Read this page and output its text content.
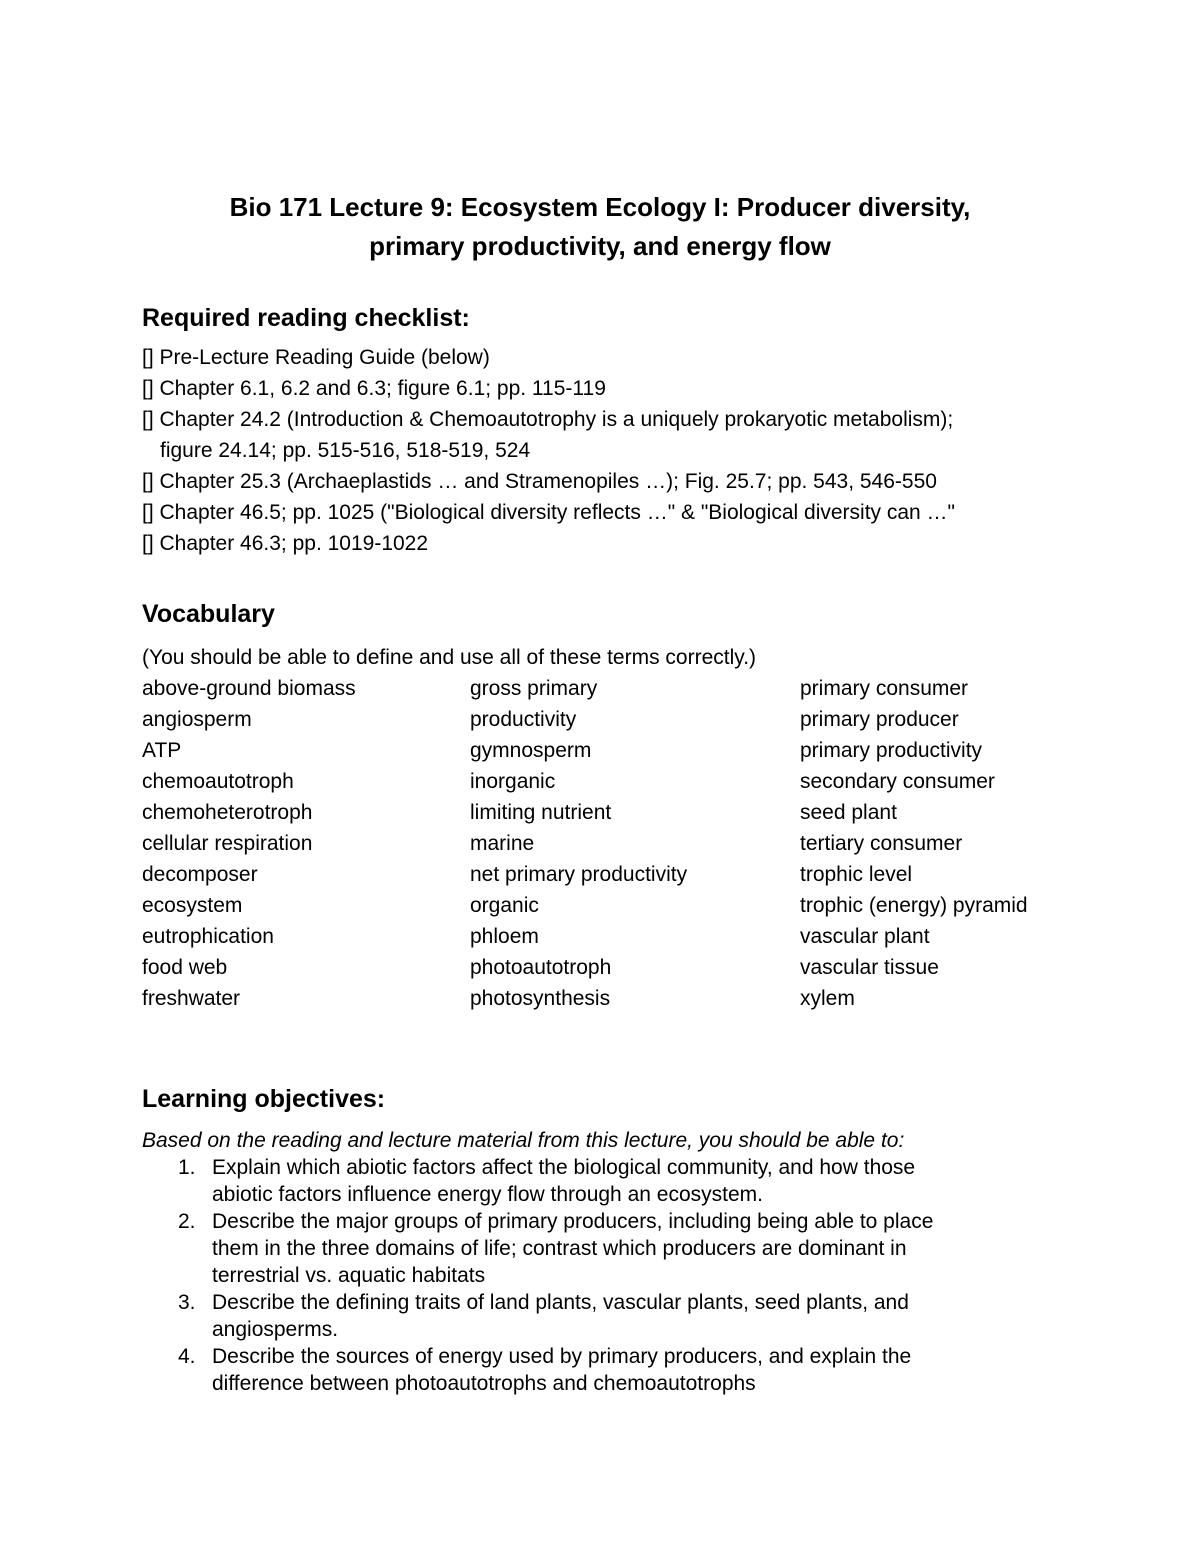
Bio 171 Lecture 9: Ecosystem Ecology I: Producer diversity,
primary productivity, and energy flow
Required reading checklist:
[] Pre-Lecture Reading Guide (below)
[] Chapter 6.1, 6.2 and 6.3; figure 6.1; pp. 115-119
[] Chapter 24.2 (Introduction & Chemoautotrophy is a uniquely prokaryotic metabolism);
figure 24.14; pp. 515-516, 518-519, 524
[] Chapter 25.3 (Archaeplastids … and Stramenopiles …); Fig. 25.7; pp. 543, 546-550
[] Chapter 46.5; pp. 1025 ("Biological diversity reflects …" & "Biological diversity can …"
[] Chapter 46.3; pp. 1019-1022
Vocabulary
(You should be able to define and use all of these terms correctly.)
above-ground biomass
angiosperm
ATP
chemoautotroph
chemoheterotroph
cellular respiration
decomposer
ecosystem
eutrophication
food web
freshwater
gross primary
productivity
gymnosperm
inorganic
limiting nutrient
marine
net primary productivity
organic
phloem
photoautotroph
photosynthesis
primary consumer
primary producer
primary productivity
secondary consumer
seed plant
tertiary consumer
trophic level
trophic (energy) pyramid
vascular plant
vascular tissue
xylem
Learning objectives:
Based on the reading and lecture material from this lecture, you should be able to:
1. Explain which abiotic factors affect the biological community, and how those
abiotic factors influence energy flow through an ecosystem.
2. Describe the major groups of primary producers, including being able to place
them in the three domains of life; contrast which producers are dominant in
terrestrial vs. aquatic habitats
3. Describe the defining traits of land plants, vascular plants, seed plants, and
angiosperms.
4. Describe the sources of energy used by primary producers, and explain the
difference between photoautotrophs and chemoautotrophs
